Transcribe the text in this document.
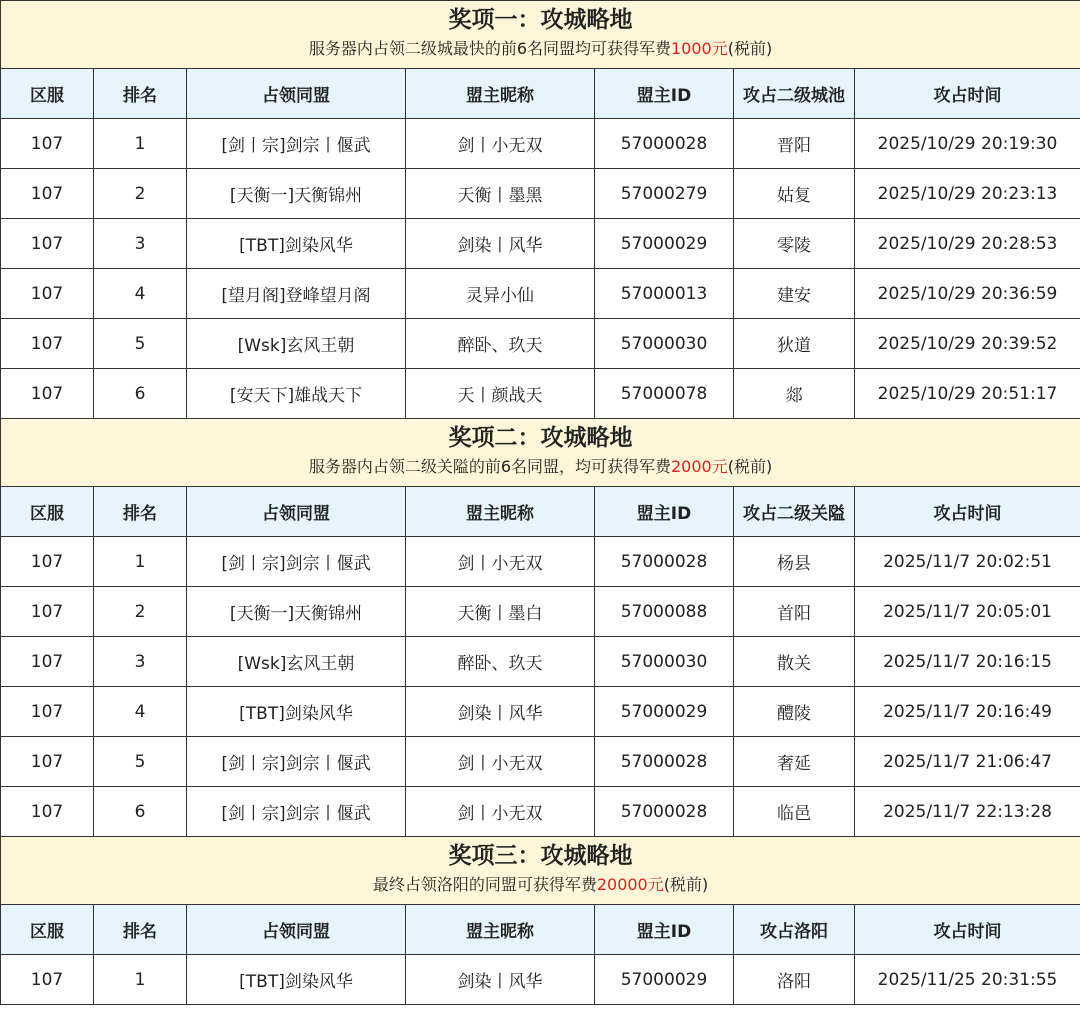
奖项一：攻城略地						
服务器内占领二级城最快的前6名同盟均可获得军费1000元(税前)						
区服	排名	占领同盟	盟主昵称	盟主ID	攻占二级城池	攻占时间
107	1	[剑丨宗]剑宗丨偃武	剑丨小无双	57000028	晋阳	2025/10/29 20:19:30
107	2	[天衡一]天衡锦州	天衡丨墨黑	57000279	姑复	2025/10/29 20:23:13
107	3	[TBT]剑染风华	剑染丨风华	57000029	零陵	2025/10/29 20:28:53
107	4	[望月阁]登峰望月阁	灵异小仙	57000013	建安	2025/10/29 20:36:59
107	5	[Wsk]玄风王朝	醉卧、玖天	57000030	狄道	2025/10/29 20:39:52
107	6	[安天下]雄战天下	天丨颜战天	57000078	郯	2025/10/29 20:51:17
奖项二：攻城略地						
服务器内占领二级关隘的前6名同盟，均可获得军费2000元(税前)						
区服	排名	占领同盟	盟主昵称	盟主ID	攻占二级关隘	攻占时间
107	1	[剑丨宗]剑宗丨偃武	剑丨小无双	57000028	杨县	2025/11/7 20:02:51
107	2	[天衡一]天衡锦州	天衡丨墨白	57000088	首阳	2025/11/7 20:05:01
107	3	[Wsk]玄风王朝	醉卧、玖天	57000030	散关	2025/11/7 20:16:15
107	4	[TBT]剑染风华	剑染丨风华	57000029	醴陵	2025/11/7 20:16:49
107	5	[剑丨宗]剑宗丨偃武	剑丨小无双	57000028	奢延	2025/11/7 21:06:47
107	6	[剑丨宗]剑宗丨偃武	剑丨小无双	57000028	临邑	2025/11/7 22:13:28
奖项三：攻城略地						
最终占领洛阳的同盟可获得军费20000元(税前)						
区服	排名	占领同盟	盟主昵称	盟主ID	攻占洛阳	攻占时间
107	1	[TBT]剑染风华	剑染丨风华	57000029	洛阳	2025/11/25 20:31:55
